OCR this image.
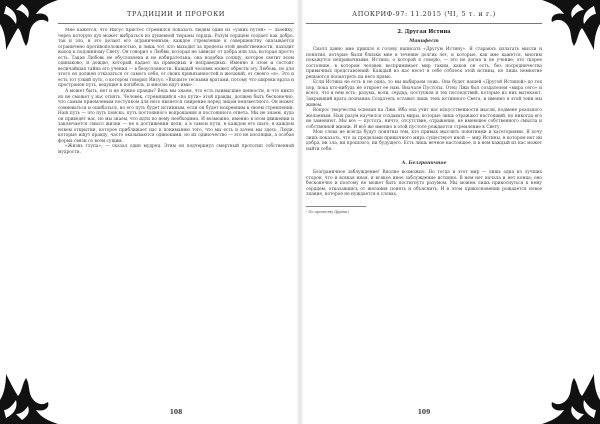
ТРАДИЦИИ И ПРОРОКИ	АПОКРИФ-97: 11.2015 (ЧI, 5 т. и г.)

Мне кажется, что Иисус Христос стремился показать людям один из «узких путей» — лазейку, через которую дух может выбраться из душевной тюрьмы сердца. Разум сердцем создает как добро, так и зло, и это делает его ограниченным; каждое стремление к совершенству оказывается ограничено противоположностью, и лишь тот, кто выходит за пределы этой двойственности, находит выход к подлинному Свету. Он говорил о Любви, которая не зависит от добра или зла, которая просто есть. Такая Любовь не обусловлена и не избирательна; она подобна солнцу, которое светит всем одинаково, и дождю, который падает на праведных и неправедных. Именно в этом и состоит величайшая тайна его учения — в безусловности. Каждый человек может обрести эту Любовь, но для этого он должен отказаться от самого себя, от своих привязанностей и желаний, от своего «я». Это и есть тот узкий путь, о котором говорил Иисус: «Входите тесными вратами, потому что широки врата и пространен путь, ведущие в погибель, и многие идут ими».

А может быть, нет и не нужно правды? Ведь мы знаем, что есть наивысшие ценности, и что никто их не сможет у нас отнять. Человек, стремящийся «по пути» этой правды, должен быть бесконечно, что самым приемлемым поступком для него является смирение перед лицом неизвестного. Он может сомневаться и ошибаться, но его путь будет истинным, если он будет искренним в своем стремлении. Наш путь — это путь поиска, путь постоянного вопрошания и постоянного ответа. Мы не знаем, куда он приведет нас, но мы знаем, что идти по нему необходимо. И возможно, именно в этом движении и заключается смысл жизни — не в достижении цели, а в самом пути, в каждом его шаге, в каждом новом открытии, которое приближает нас к пониманию того, что мы есть и зачем мы здесь. Люди, которые ищут правду, часто оказываются одинокими, но их одиночество — это не изоляция, а особая форма связи со всем сущим.

«Жизнь глупа», — сказал один мудрец. Этим он подчеркнул смертный прототип собственной мудрости.

2. Другая Истина

Манифест

Сиэлл давно мне пришло в голову написать «Другую Истину». Я стараюсь излагать мысли и понятия, которые были близки мне в течение долгих лет, и которые, как мне кажется, многим покажутся непривычными. Истина, о которой я говорю, — это не догма и не учение; это скорее состояние, в котором человек воспринимает мир таким, каков он есть, без посредничества привычных представлений. Каждый из нас несет в себе отблеск этой истины, но лишь немногие решаются посмотреть на него прямо.

Если Истина не есть и не одна, то мы выбираем ложь. Она будет нашей «Другой Истиной» до тех пор, пока кто-нибудь не откроет ее нам. Вначале Пустоты. Отец Лжи был создателем «мира сего» и всего, что в нем есть: разума, воли, сердца, поступков и тех последствий, которые из них вытекают. Закрывший врата познания Создатель оставил лишь тень истинного Света, и именно в этой тени мы живем.

Вопрос творчества основан на Лжи. Ибо она учит нас искусственности мысли, подмене реального желаемым. Наш разум научился создавать миры, которые лишь отражают настоящий, но никогда его не заменяют. Мы все — пустота, ничто, отсутствие, отражение, не имеющее собственного смысла и собственной жизни. И всё же именно в этой пустоте рождается стремление к Свету.

Мои слова не всегда будут понятны тем, кто привык мыслить понятиями и категориями. Я хочу лишь показать, что за пределами привычного мира существует иной — мир Истины, в котором нет ни добра, ни зла, ни прошлого, ни будущего. Есть лишь вечное настоящее, и в нем каждый из нас может найти себя.

А. Безграничное

Безграничное заблуждение! Вполне возможно. Но тогда и этот мир — лишь одна из лучших сторон, что и всякая иная, и всякое иное заблуждение истинно. В нем нет начала и нет конца; оно бесконечно и поэтому не может быть постигнуто разумом. Мы можем лишь прикоснуться к нему сердцем, отказавшись от желания понять и объяснить. И в этом прикосновении рождается новое знание, которое не нуждается в словах.

¹ По преемству (франц.).

108	109
